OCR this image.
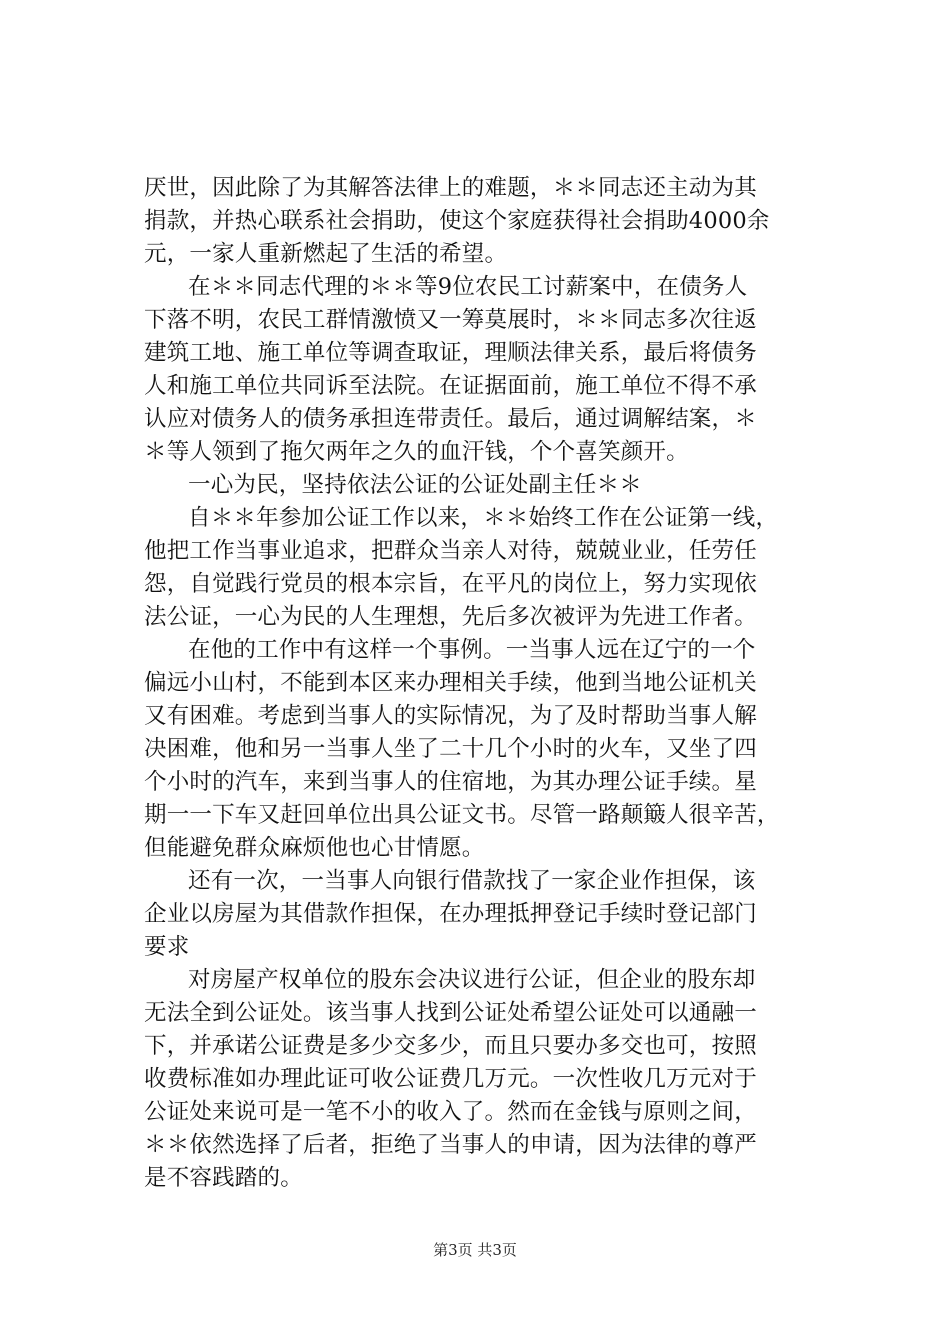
厌世，因此除了为其解答法律上的难题，＊＊同志还主动为其
捐款，并热心联系社会捐助，使这个家庭获得社会捐助4000余
元，一家人重新燃起了生活的希望。
在＊＊同志代理的＊＊等9位农民工讨薪案中，在债务人
下落不明，农民工群情激愤又一筹莫展时，＊＊同志多次往返
建筑工地、施工单位等调查取证，理顺法律关系，最后将债务
人和施工单位共同诉至法院。在证据面前，施工单位不得不承
认应对债务人的债务承担连带责任。最后，通过调解结案，＊
＊等人领到了拖欠两年之久的血汗钱，个个喜笑颜开。
一心为民，坚持依法公证的公证处副主任＊＊
自＊＊年参加公证工作以来，＊＊始终工作在公证第一线，
他把工作当事业追求，把群众当亲人对待，兢兢业业，任劳任
怨，自觉践行党员的根本宗旨，在平凡的岗位上，努力实现依
法公证，一心为民的人生理想，先后多次被评为先进工作者。
在他的工作中有这样一个事例。一当事人远在辽宁的一个
偏远小山村，不能到本区来办理相关手续，他到当地公证机关
又有困难。考虑到当事人的实际情况，为了及时帮助当事人解
决困难，他和另一当事人坐了二十几个小时的火车，又坐了四
个小时的汽车，来到当事人的住宿地，为其办理公证手续。星
期一一下车又赶回单位出具公证文书。尽管一路颠簸人很辛苦，
但能避免群众麻烦他也心甘情愿。
还有一次，一当事人向银行借款找了一家企业作担保，该
企业以房屋为其借款作担保，在办理抵押登记手续时登记部门
要求
对房屋产权单位的股东会决议进行公证，但企业的股东却
无法全到公证处。该当事人找到公证处希望公证处可以通融一
下，并承诺公证费是多少交多少，而且只要办多交也可，按照
收费标准如办理此证可收公证费几万元。一次性收几万元对于
公证处来说可是一笔不小的收入了。然而在金钱与原则之间，
＊＊依然选择了后者，拒绝了当事人的申请，因为法律的尊严
是不容践踏的。
第3页 共3页
